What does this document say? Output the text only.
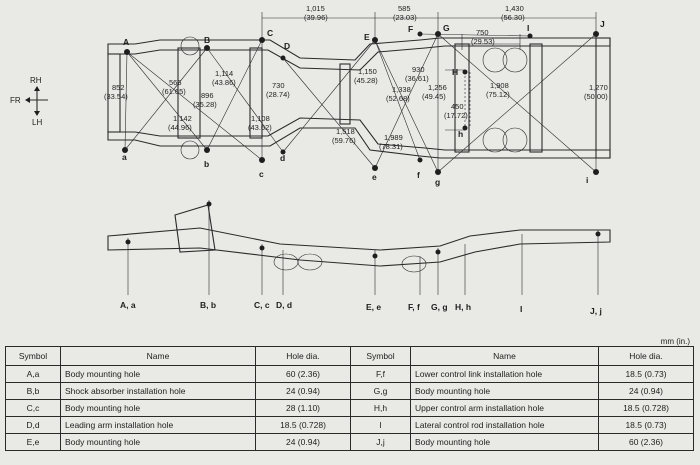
RH
FR
LH
A	B
C
D
E
F	G
H
I	J
a
b
c
d
e	f
g
h
i
1,015
(39.96)
585
(23.03)
1,430
(56.30)
750
(29.53)
852
(33.54)
566
(61.65)
1,114
(43.86)
896
(35.28)
730
(28.74)
1,142
(44.96)
1,108
(43.62)
1,150
(45.28)
930
(36.61)
1,338
(52.68)
1,256
(49.45)
1,908
(75.12)
1,270
(50.00)
450
(17.72)
1,518
(59.76)	1,989
(78.31)
A, a	B, b	C, c D, d	E, e	F, f G, g H, h	I	J, j
mm (in.)
Symbol	Name	Hole dia.	Symbol	Name	Hole dia.
A,a	Body mounting hole	60 (2.36)	F,f	Lower control link installation hole	18.5 (0.73)
B,b	Shock absorber installation hole	24 (0.94)	G,g	Body mounting hole	24 (0.94)
C,c	Body mounting hole	28 (1.10)	H,h	Upper control arm installation hole	18.5 (0.728)
D,d	Leading arm installation hole	18.5 (0.728)	I	Lateral control rod installation hole	18.5 (0.73)
E,e	Body mounting hole	24 (0.94)	J,j	Body mounting hole	60 (2.36)
